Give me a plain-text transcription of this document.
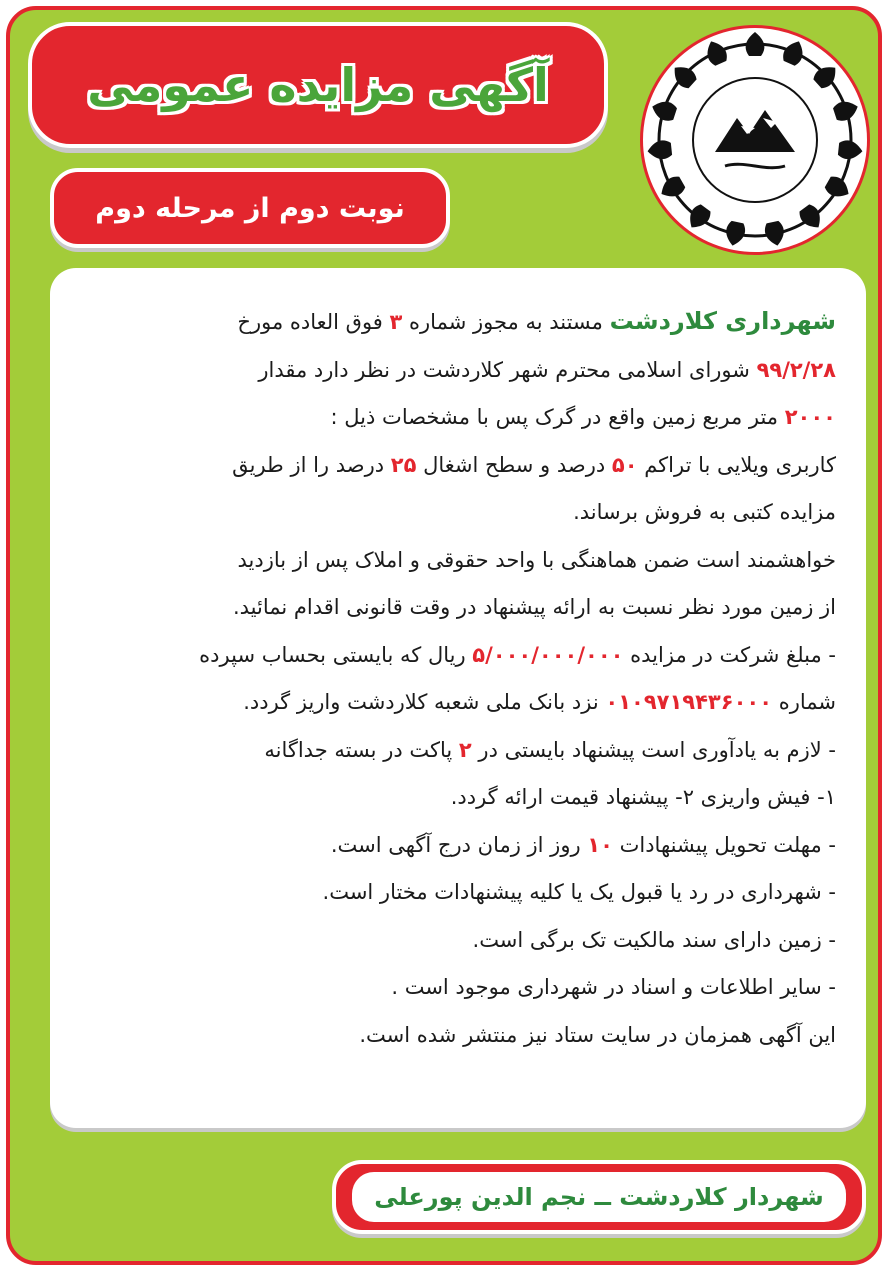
آگهی مزایده عمومی
نوبت دوم از مرحله دوم
شهرداری کلاردشت مستند به مجوز شماره ۳ فوق العاده مورخ
۹۹/۲/۲۸ شورای اسلامی محترم شهر کلاردشت در نظر دارد مقدار
۲۰۰۰ متر مربع زمین واقع در گرک پس با مشخصات ذیل :
کاربری ویلایی با تراکم ۵۰ درصد و سطح اشغال ۲۵ درصد را از طریق
مزایده کتبی به فروش برساند.
خواهشمند است ضمن هماهنگی با واحد حقوقی و املاک پس از بازدید
از زمین مورد نظر نسبت به ارائه پیشنهاد در وقت قانونی اقدام نمائید.
- مبلغ شرکت در مزایده ۵/۰۰۰/۰۰۰/۰۰۰ ریال که بایستی بحساب سپرده
شماره ۰۱۰۹۷۱۹۴۳۶۰۰۰ نزد بانک ملی شعبه کلاردشت واریز گردد.
- لازم به یادآوری است پیشنهاد بایستی در ۲ پاکت در بسته جداگانه
۱- فیش واریزی ۲- پیشنهاد قیمت ارائه گردد.
- مهلت تحویل پیشنهادات ۱۰ روز از زمان درج آگهی است.
- شهرداری در رد یا قبول یک یا کلیه پیشنهادات مختار است.
- زمین دارای سند مالکیت تک برگی است.
- سایر اطلاعات و اسناد در شهرداری موجود است .
این آگهی همزمان در سایت ستاد نیز منتشر شده است.
شهردار کلاردشت ــ نجم الدین پورعلی
